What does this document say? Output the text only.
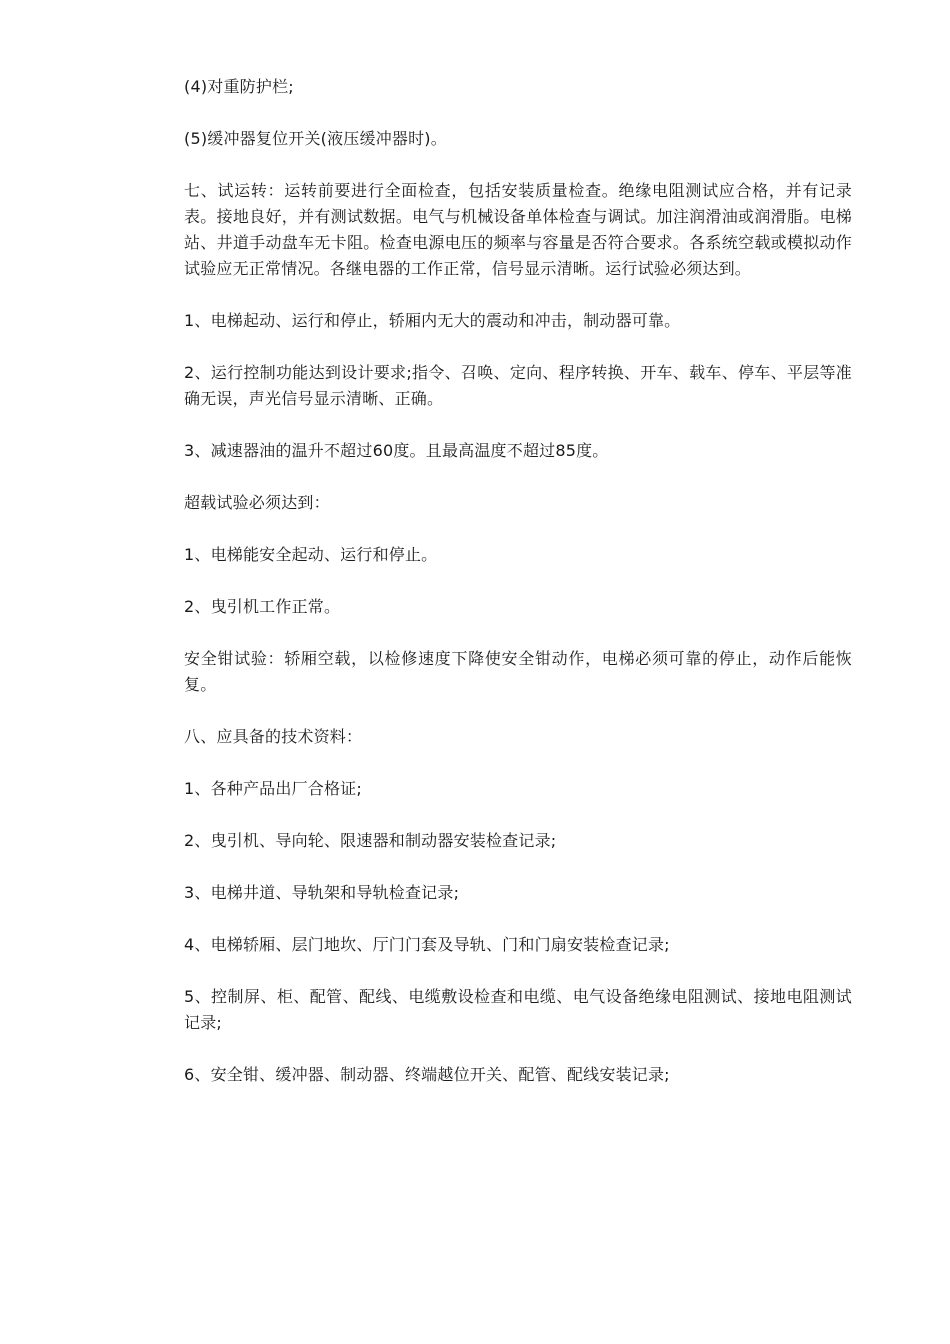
(4)对重防护栏;

(5)缓冲器复位开关(液压缓冲器时)。

七、试运转：运转前要进行全面检查，包括安装质量检查。绝缘电阻测试应合格，并有记录表。接地良好，并有测试数据。电气与机械设备单体检查与调试。加注润滑油或润滑脂。电梯站、井道手动盘车无卡阻。检查电源电压的频率与容量是否符合要求。各系统空载或模拟动作试验应无正常情况。各继电器的工作正常，信号显示清晰。运行试验必须达到。

1、电梯起动、运行和停止，轿厢内无大的震动和冲击，制动器可靠。

2、运行控制功能达到设计要求;指令、召唤、定向、程序转换、开车、载车、停车、平层等准确无误，声光信号显示清晰、正确。

3、减速器油的温升不超过60度。且最高温度不超过85度。

超载试验必须达到：

1、电梯能安全起动、运行和停止。

2、曳引机工作正常。

安全钳试验：轿厢空载，以检修速度下降使安全钳动作，电梯必须可靠的停止，动作后能恢复。

八、应具备的技术资料：

1、各种产品出厂合格证;

2、曳引机、导向轮、限速器和制动器安装检查记录;

3、电梯井道、导轨架和导轨检查记录;

4、电梯轿厢、层门地坎、厅门门套及导轨、门和门扇安装检查记录;

5、控制屏、柜、配管、配线、电缆敷设检查和电缆、电气设备绝缘电阻测试、接地电阻测试记录;

6、安全钳、缓冲器、制动器、终端越位开关、配管、配线安装记录;
